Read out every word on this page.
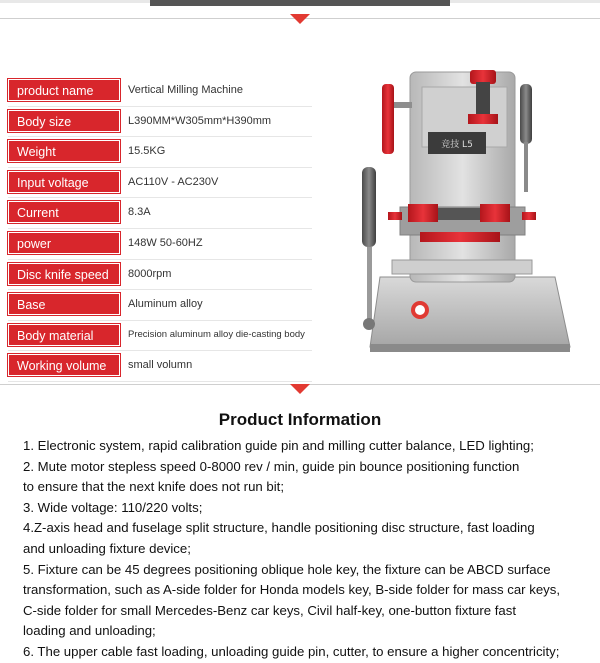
product name	Vertical Milling Machine
Body size	L390MM*W305mm*H390mm
Weight	15.5KG
Input voltage	AC110V - AC230V
Current	8.3A
power	148W 50-60HZ
Disc knife speed	8000rpm
Base	Aluminum alloy
Body material	Precision aluminum alloy die-casting body
Working volume	small volumn
竞技 L5
Product Information

1. Electronic system, rapid calibration guide pin and milling cutter balance, LED lighting;

2. Mute motor stepless speed 0-8000 rev / min, guide pin bounce positioning function
to ensure that the next knife does not run bit;

3. Wide voltage: 110/220 volts;

4.Z-axis head and fuselage split structure, handle positioning disc structure, fast loading
and unloading fixture device;

5. Fixture can be 45 degrees positioning oblique hole key, the fixture can be ABCD surface
transformation, such as A-side folder for Honda models key, B-side folder for mass car keys,
C-side folder for small Mercedes-Benz car keys, Civil half-key, one-button fixture fast
loading and unloading;

6. The upper cable fast loading, unloading guide pin, cutter, to ensure a higher concentricity;
